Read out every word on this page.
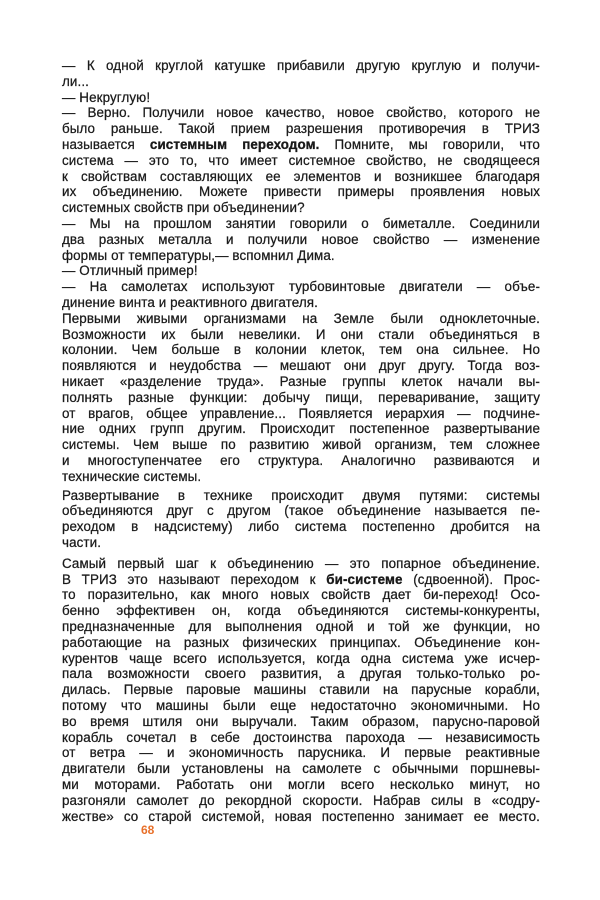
— К одной круглой катушке прибавили другую круглую и получи-
ли...
— Некруглую!
— Верно. Получили новое качество, новое свойство, которого не
было раньше. Такой прием разрешения противоречия в ТРИЗ
называется системным переходом. Помните, мы говорили, что
система — это то, что имеет системное свойство, не сводящееся
к свойствам составляющих ее элементов и возникшее благодаря
их объединению. Можете привести примеры проявления новых
системных свойств при объединении?
— Мы на прошлом занятии говорили о биметалле. Соединили
два разных металла и получили новое свойство — изменение
формы от температуры,— вспомнил Дима.
— Отличный пример!
— На самолетах используют турбовинтовые двигатели — объе-
динение винта и реактивного двигателя.
Первыми живыми организмами на Земле были одноклеточные.
Возможности их были невелики. И они стали объединяться в
колонии. Чем больше в колонии клеток, тем она сильнее. Но
появляются и неудобства — мешают они друг другу. Тогда воз-
никает «разделение труда». Разные группы клеток начали вы-
полнять разные функции: добычу пищи, переваривание, защиту
от врагов, общее управление... Появляется иерархия — подчине-
ние одних групп другим. Происходит постепенное развертывание
системы. Чем выше по развитию живой организм, тем сложнее
и многоступенчатее его структура. Аналогично развиваются и
технические системы.
Развертывание в технике происходит двумя путями: системы
объединяются друг с другом (такое объединение называется пе-
реходом в надсистему) либо система постепенно дробится на
части.
Самый первый шаг к объединению — это попарное объединение.
В ТРИЗ это называют переходом к би-системе (сдвоенной). Прос-
то поразительно, как много новых свойств дает би-переход! Осо-
бенно эффективен он, когда объединяются системы-конкуренты,
предназначенные для выполнения одной и той же функции, но
работающие на разных физических принципах. Объединение кон-
курентов чаще всего используется, когда одна система уже исчер-
пала возможности своего развития, а другая только-только ро-
дилась. Первые паровые машины ставили на парусные корабли,
потому что машины были еще недостаточно экономичными. Но
во время штиля они выручали. Таким образом, парусно-паровой
корабль сочетал в себе достоинства парохода — независимость
от ветра — и экономичность парусника. И первые реактивные
двигатели были установлены на самолете с обычными поршневы-
ми моторами. Работать они могли всего несколько минут, но
разгоняли самолет до рекордной скорости. Набрав силы в «содру-
жестве» со старой системой, новая постепенно занимает ее место.
68
